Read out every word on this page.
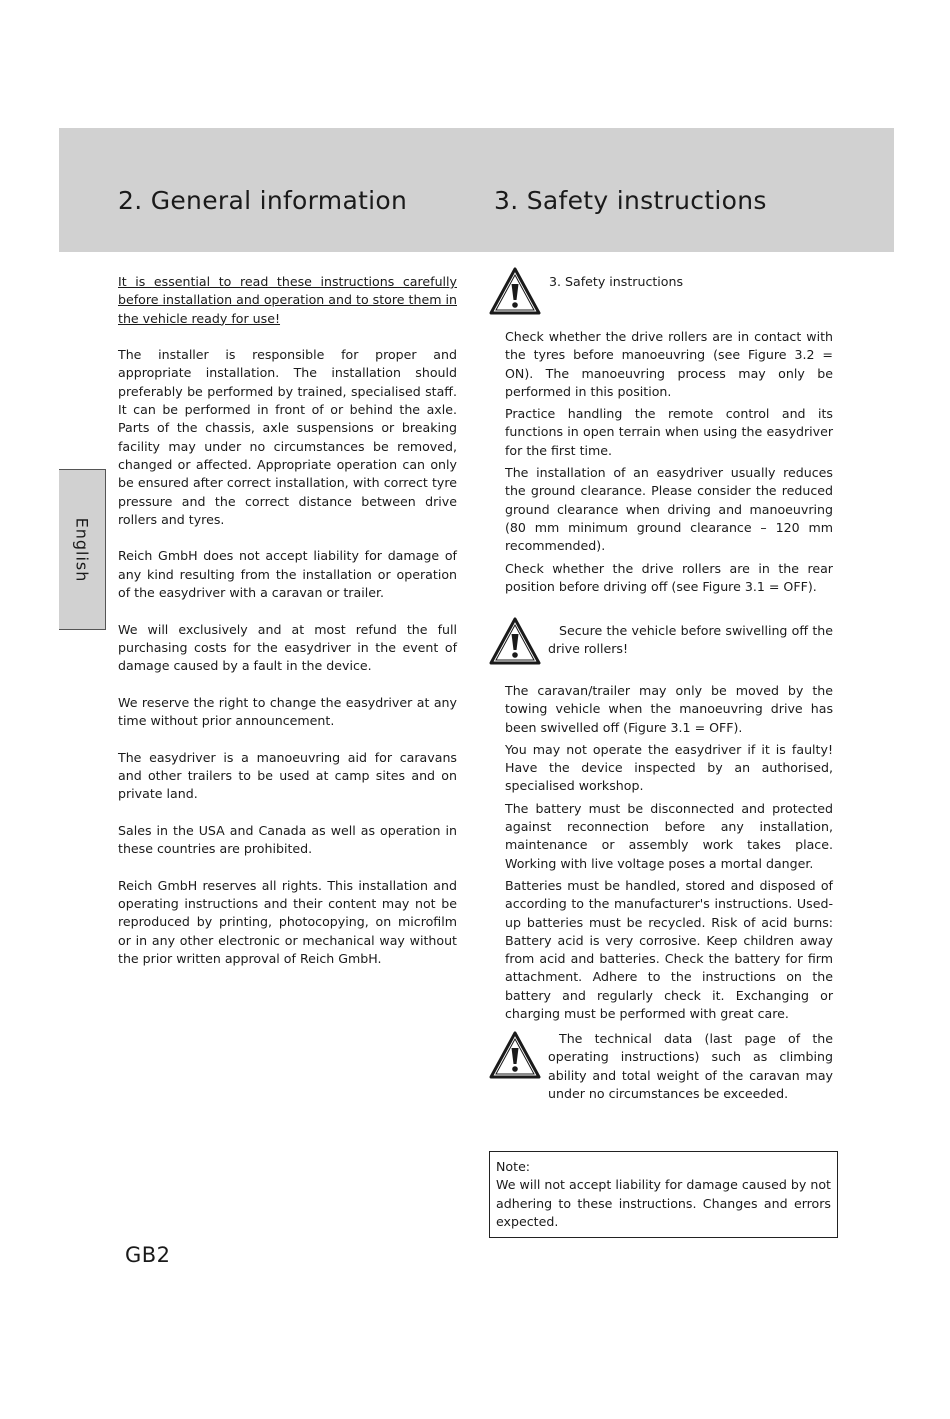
2. General information	3. Safety instructions
English

It is essential to read these instructions carefully before installation and operation and to store them in the vehicle ready for use!

The installer is responsible for proper and appropriate installation. The installation should preferably be performed by trained, specialised staff. It can be performed in front of or behind the axle. Parts of the chassis, axle suspensions or breaking facility may under no circumstances be removed, changed or affected. Appropriate operation can only be ensured after correct installation, with correct tyre pressure and the correct distance between drive rollers and tyres.

Reich GmbH does not accept liability for damage of any kind resulting from the installation or operation of the easydriver with a caravan or trailer.

We will exclusively and at most refund the full purchasing costs for the easydriver in the event of damage caused by a fault in the device.

We reserve the right to change the easydriver at any time without prior announcement.

The easydriver is a manoeuvring aid for caravans and other trailers to be used at camp sites and on private land.

Sales in the USA and Canada as well as operation in these countries are prohibited.

Reich GmbH reserves all rights. This installation and operating instructions and their content may not be reproduced by printing, photocopying, on microfilm or in any other electronic or mechanical way without the prior written approval of Reich GmbH.

3. Safety instructions

Check whether the drive rollers are in contact with the tyres before manoeuvring (see Figure 3.2 = ON). The manoeuvring process may only be performed in this position.

Practice handling the remote control and its functions in open terrain when using the easydriver for the first time.

The installation of an easydriver usually reduces the ground clearance. Please consider the reduced ground clearance when driving and manoeuvring (80 mm minimum ground clearance – 120 mm recommended).

Check whether the drive rollers are in the rear position before driving off (see Figure 3.1 = OFF).

Secure the vehicle before swivelling off the drive rollers!

The caravan/trailer may only be moved by the towing vehicle when the manoeuvring drive has been swivelled off (Figure 3.1 = OFF).

You may not operate the easydriver if it is faulty! Have the device inspected by an authorised, specialised workshop.

The battery must be disconnected and protected against reconnection before any installation, maintenance or assembly work takes place. Working with live voltage poses a mortal danger.

Batteries must be handled, stored and disposed of according to the manufacturer's instructions. Used-up batteries must be recycled. Risk of acid burns: Battery acid is very corrosive. Keep children away from acid and batteries. Check the battery for firm attachment. Adhere to the instructions on the battery and regularly check it. Exchanging or charging must be performed with great care.

The technical data (last page of the operating instructions) such as climbing ability and total weight of the caravan may under no circumstances be exceeded.
Note:
We will not accept liability for damage caused by not adhering to these instructions. Changes and errors expected.
GB2
